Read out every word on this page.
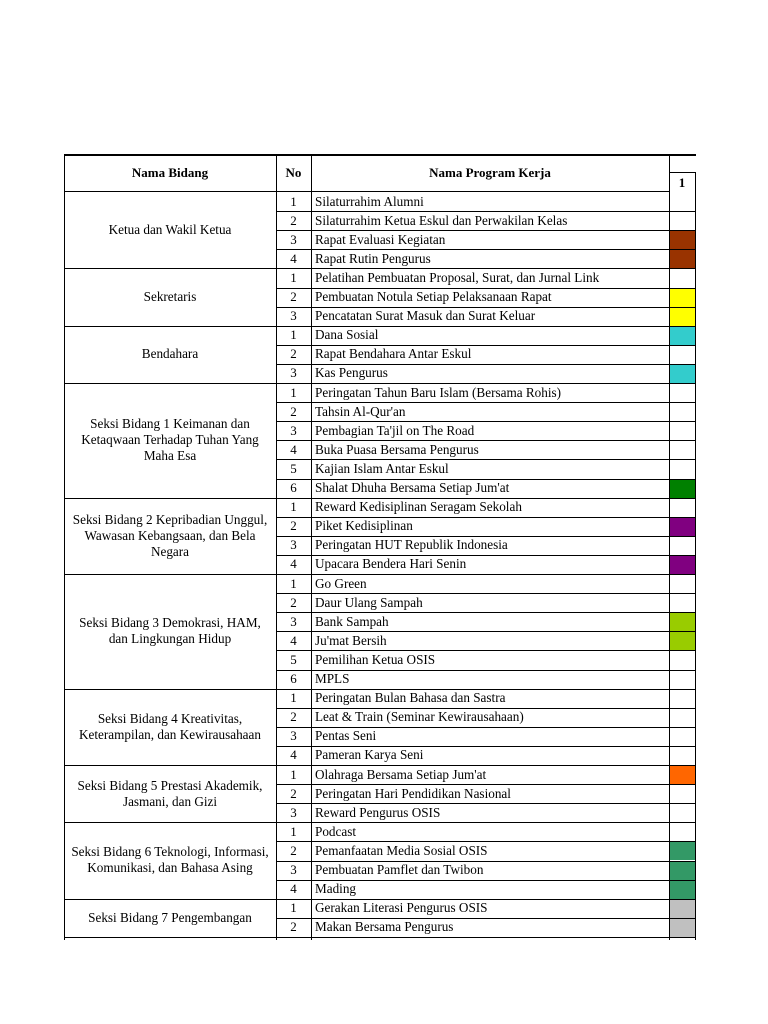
Nama Bidang	No	Nama Program Kerja
1
Ketua dan Wakil Ketua
1	Silaturrahim Alumni
2	Silaturrahim Ketua Eskul dan Perwakilan Kelas
3	Rapat Evaluasi Kegiatan
4	Rapat Rutin Pengurus
Sekretaris
1	Pelatihan Pembuatan Proposal, Surat, dan Jurnal Link
2	Pembuatan Notula Setiap Pelaksanaan Rapat
3	Pencatatan Surat Masuk dan Surat Keluar
Bendahara
1	Dana Sosial
2	Rapat Bendahara Antar Eskul
3	Kas Pengurus
Seksi Bidang 1 Keimanan dan Ketaqwaan Terhadap Tuhan Yang Maha Esa
1	Peringatan Tahun Baru Islam (Bersama Rohis)
2	Tahsin Al-Qur'an
3	Pembagian Ta'jil on The Road
4	Buka Puasa Bersama Pengurus
5	Kajian Islam Antar Eskul
6	Shalat Dhuha Bersama Setiap Jum'at
Seksi Bidang 2 Kepribadian Unggul, Wawasan Kebangsaan, dan Bela Negara
1	Reward Kedisiplinan Seragam Sekolah
2	Piket Kedisiplinan
3	Peringatan HUT Republik Indonesia
4	Upacara Bendera Hari Senin
Seksi Bidang 3 Demokrasi, HAM, dan Lingkungan Hidup
1	Go Green
2	Daur Ulang Sampah
3	Bank Sampah
4	Ju'mat Bersih
5	Pemilihan Ketua OSIS
6	MPLS
Seksi Bidang 4 Kreativitas, Keterampilan, dan Kewirausahaan
1	Peringatan Bulan Bahasa dan Sastra
2	Leat & Train (Seminar Kewirausahaan)
3	Pentas Seni
4	Pameran Karya Seni
Seksi Bidang 5 Prestasi Akademik, Jasmani, dan Gizi
1	Olahraga Bersama Setiap Jum'at
2	Peringatan Hari Pendidikan Nasional
3	Reward Pengurus OSIS
Seksi Bidang 6 Teknologi, Informasi, Komunikasi, dan Bahasa Asing
1	Podcast
2	Pemanfaatan Media Sosial OSIS
3	Pembuatan Pamflet dan Twibon
4	Mading
Seksi Bidang 7 Pengembangan
1	Gerakan Literasi Pengurus OSIS
2	Makan Bersama Pengurus
